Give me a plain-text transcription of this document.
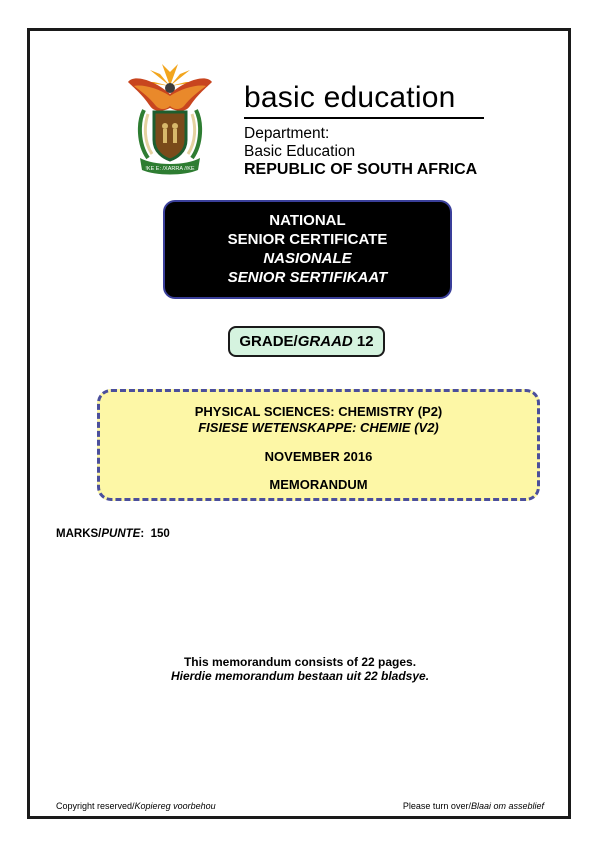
!KE E: /XARRA //KE
basic education
Department:
Basic Education
REPUBLIC OF SOUTH AFRICA
NATIONAL
SENIOR CERTIFICATE
NASIONALE
SENIOR SERTIFIKAAT
GRADE/GRAAD 12
PHYSICAL SCIENCES: CHEMISTRY (P2)
FISIESE WETENSKAPPE: CHEMIE (V2)
NOVEMBER 2016
MEMORANDUM
MARKS/PUNTE:  150
This memorandum consists of 22 pages.
Hierdie memorandum bestaan uit 22 bladsye.
Copyright reserved/Kopiereg voorbehou	Please turn over/Blaai om asseblief
